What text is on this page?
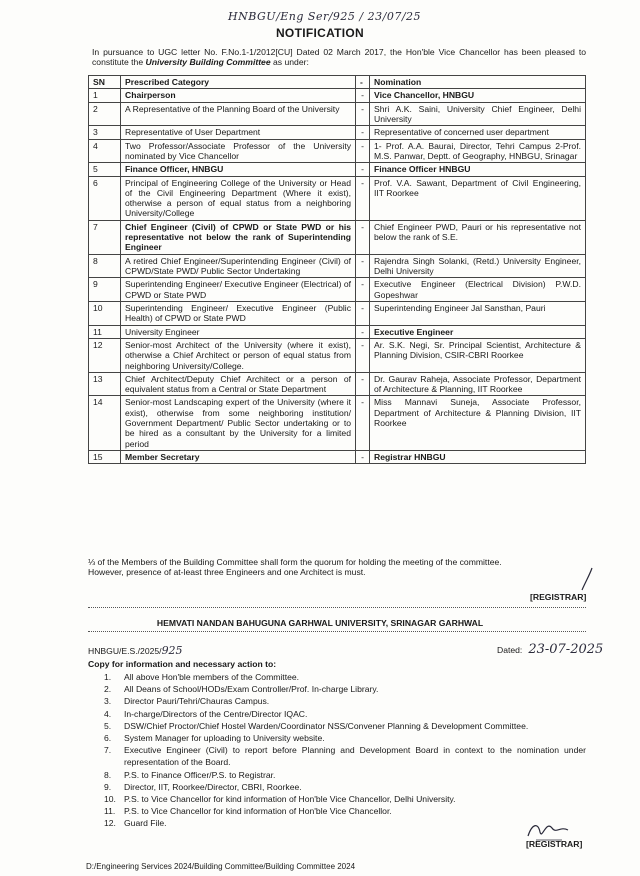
HNBGU/Eng Ser/925 / 23/07/25
NOTIFICATION
In pursuance to UGC letter No. F.No.1-1/2012[CU] Dated 02 March 2017, the Hon'ble Vice Chancellor has been pleased to constitute the University Building Committee as under:
SN	Prescribed Category	-	Nomination
1	Chairperson	-	Vice Chancellor, HNBGU
2	A Representative of the Planning Board of the University	-	Shri A.K. Saini, University Chief Engineer, Delhi University
3	Representative of User Department	-	Representative of concerned user department
4	Two Professor/Associate Professor of the University nominated by Vice Chancellor	-	1- Prof. A.A. Baurai, Director, Tehri Campus 2-Prof. M.S. Panwar, Deptt. of Geography, HNBGU, Srinagar
5	Finance Officer, HNBGU	-	Finance Officer HNBGU
6	Principal of Engineering College of the University or Head of the Civil Engineering Department (Where it exist), otherwise a person of equal status from a neighboring University/College	-	Prof. V.A. Sawant, Department of Civil Engineering, IIT Roorkee
7	Chief Engineer (Civil) of CPWD or State PWD or his representative not below the rank of Superintending Engineer	-	Chief Engineer PWD, Pauri or his representative not below the rank of S.E.
8	A retired Chief Engineer/Superintending Engineer (Civil) of CPWD/State PWD/ Public Sector Undertaking	-	Rajendra Singh Solanki, (Retd.) University Engineer, Delhi University
9	Superintending Engineer/ Executive Engineer (Electrical) of CPWD or State PWD	-	Executive Engineer (Electrical Division) P.W.D. Gopeshwar
10	Superintending Engineer/ Executive Engineer (Public Health) of CPWD or State PWD	-	Superintending Engineer Jal Sansthan, Pauri
11	University Engineer	-	Executive Engineer
12	Senior-most Architect of the University (where it exist), otherwise a Chief Architect or person of equal status from neighboring University/College.	-	Ar. S.K. Negi, Sr. Principal Scientist, Architecture & Planning Division, CSIR-CBRI Roorkee
13	Chief Architect/Deputy Chief Architect or a person of equivalent status from a Central or State Department	-	Dr. Gaurav Raheja, Associate Professor, Department of Architecture & Planning, IIT Roorkee
14	Senior-most Landscaping expert of the University (where it exist), otherwise from some neighboring institution/ Government Department/ Public Sector undertaking or to be hired as a consultant by the University for a limited period	-	Miss Mannavi Suneja, Associate Professor, Department of Architecture & Planning Division, IIT Roorkee
15	Member Secretary	-	Registrar HNBGU
⅓ of the Members of the Building Committee shall form the quorum for holding the meeting of the committee.
However, presence of at-least three Engineers and one Architect is must.
[REGISTRAR]
HEMVATI NANDAN BAHUGUNA GARHWAL UNIVERSITY, SRINAGAR GARHWAL
HNBGU/E.S./2025/925	Dated: 23-07-2025
Copy for information and necessary action to:
1.	All above Hon'ble members of the Committee.
2.	All Deans of School/HODs/Exam Controller/Prof. In-charge Library.
3.	Director Pauri/Tehri/Chauras Campus.
4.	In-charge/Directors of the Centre/Director IQAC.
5.	DSW/Chief Proctor/Chief Hostel Warden/Coordinator NSS/Convener Planning & Development Committee.
6.	System Manager for uploading to University website.
7.	Executive Engineer (Civil) to report before Planning and Development Board in context to the nomination under representation of the Board.
8.	P.S. to Finance Officer/P.S. to Registrar.
9.	Director, IIT, Roorkee/Director, CBRI, Roorkee.
10. P.S. to Vice Chancellor for kind information of Hon'ble Vice Chancellor, Delhi University.
11.	P.S. to Vice Chancellor for kind information of Hon'ble Vice Chancellor.
12. Guard File.
[REGISTRAR]
D:/Engineering Services 2024/Building Committee/Building Committee 2024
